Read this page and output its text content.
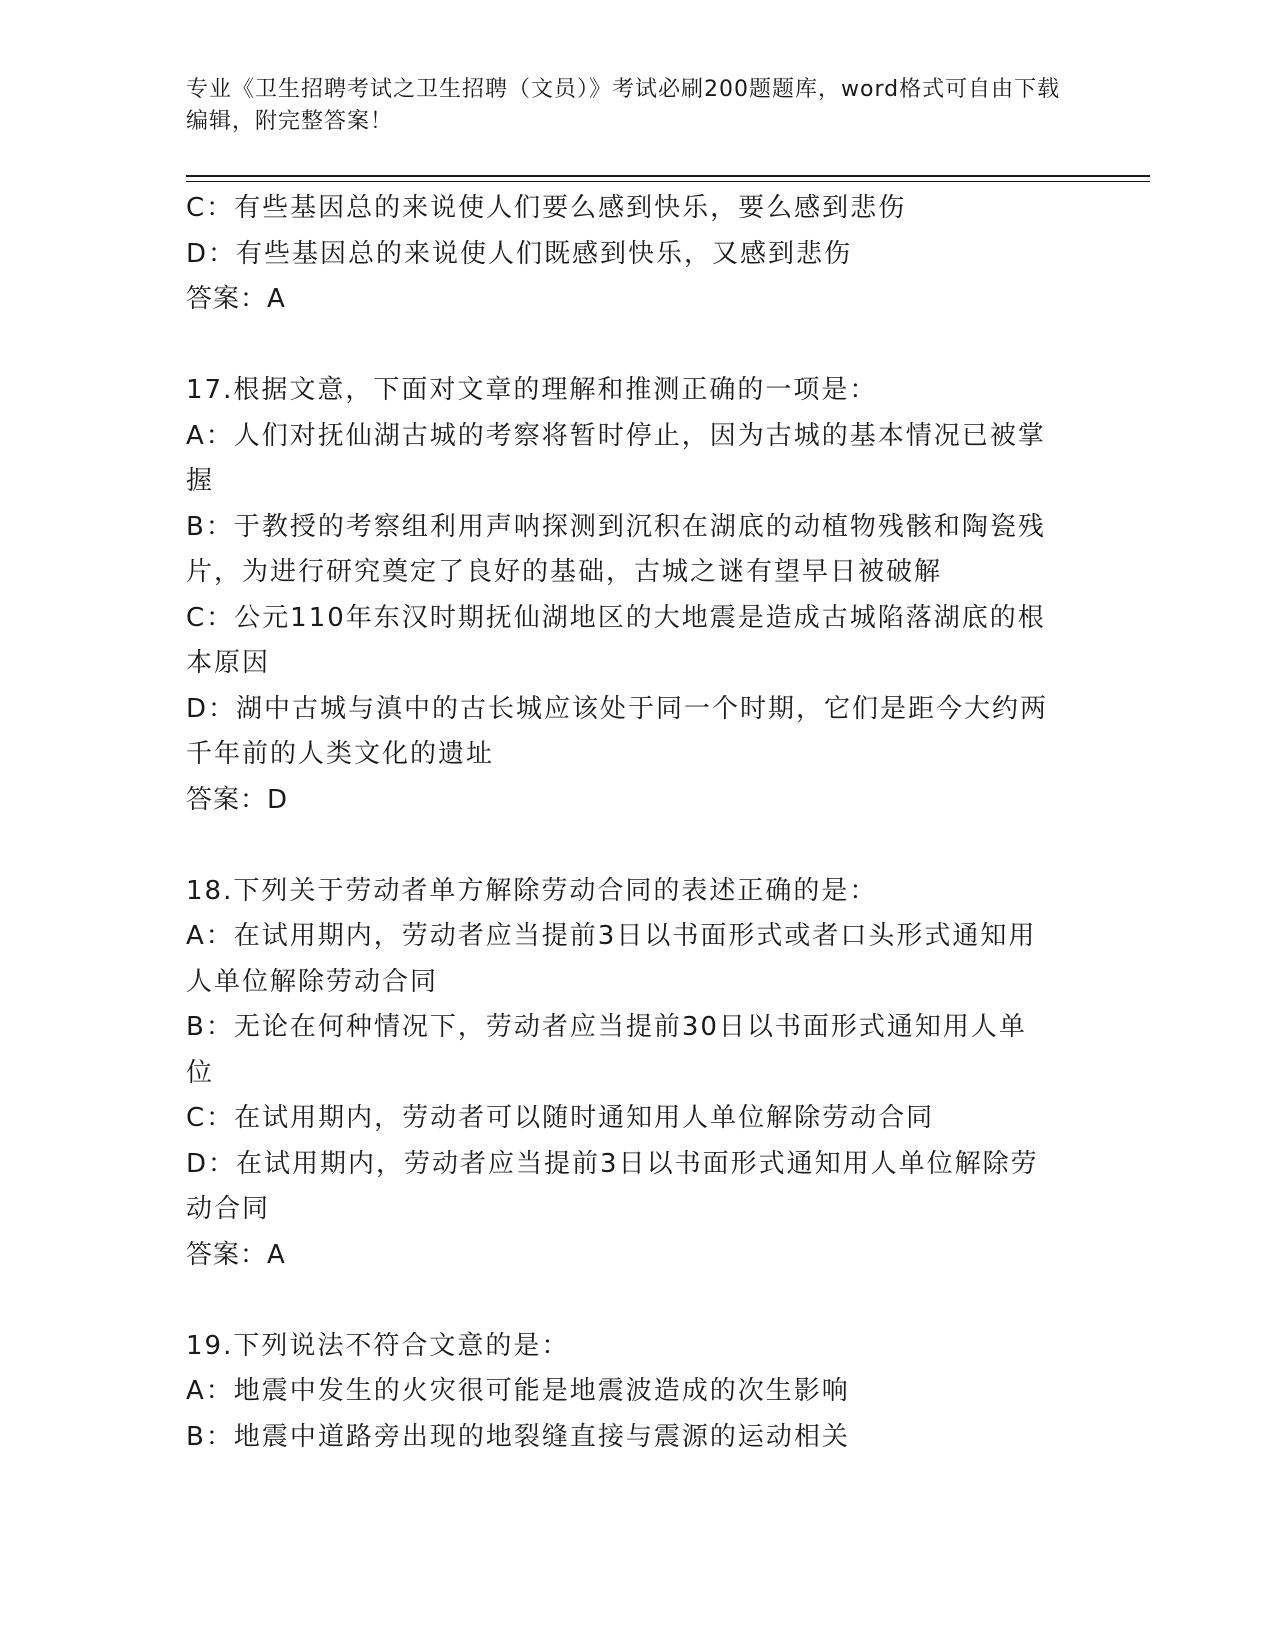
专业《卫生招聘考试之卫生招聘（文员）》考试必刷200题题库，word格式可自由下载编辑，附完整答案！
C：有些基因总的来说使人们要么感到快乐，要么感到悲伤
D：有些基因总的来说使人们既感到快乐，又感到悲伤
答案：A
17.根据文意，下面对文章的理解和推测正确的一项是：
A：人们对抚仙湖古城的考察将暂时停止，因为古城的基本情况已被掌
握
B：于教授的考察组利用声呐探测到沉积在湖底的动植物残骸和陶瓷残
片，为进行研究奠定了良好的基础，古城之谜有望早日被破解
C：公元110年东汉时期抚仙湖地区的大地震是造成古城陷落湖底的根
本原因
D：湖中古城与滇中的古长城应该处于同一个时期，它们是距今大约两
千年前的人类文化的遗址
答案：D
18.下列关于劳动者单方解除劳动合同的表述正确的是：
A：在试用期内，劳动者应当提前3日以书面形式或者口头形式通知用
人单位解除劳动合同
B：无论在何种情况下，劳动者应当提前30日以书面形式通知用人单
位
C：在试用期内，劳动者可以随时通知用人单位解除劳动合同
D：在试用期内，劳动者应当提前3日以书面形式通知用人单位解除劳
动合同
答案：A
19.下列说法不符合文意的是：
A：地震中发生的火灾很可能是地震波造成的次生影响
B：地震中道路旁出现的地裂缝直接与震源的运动相关
